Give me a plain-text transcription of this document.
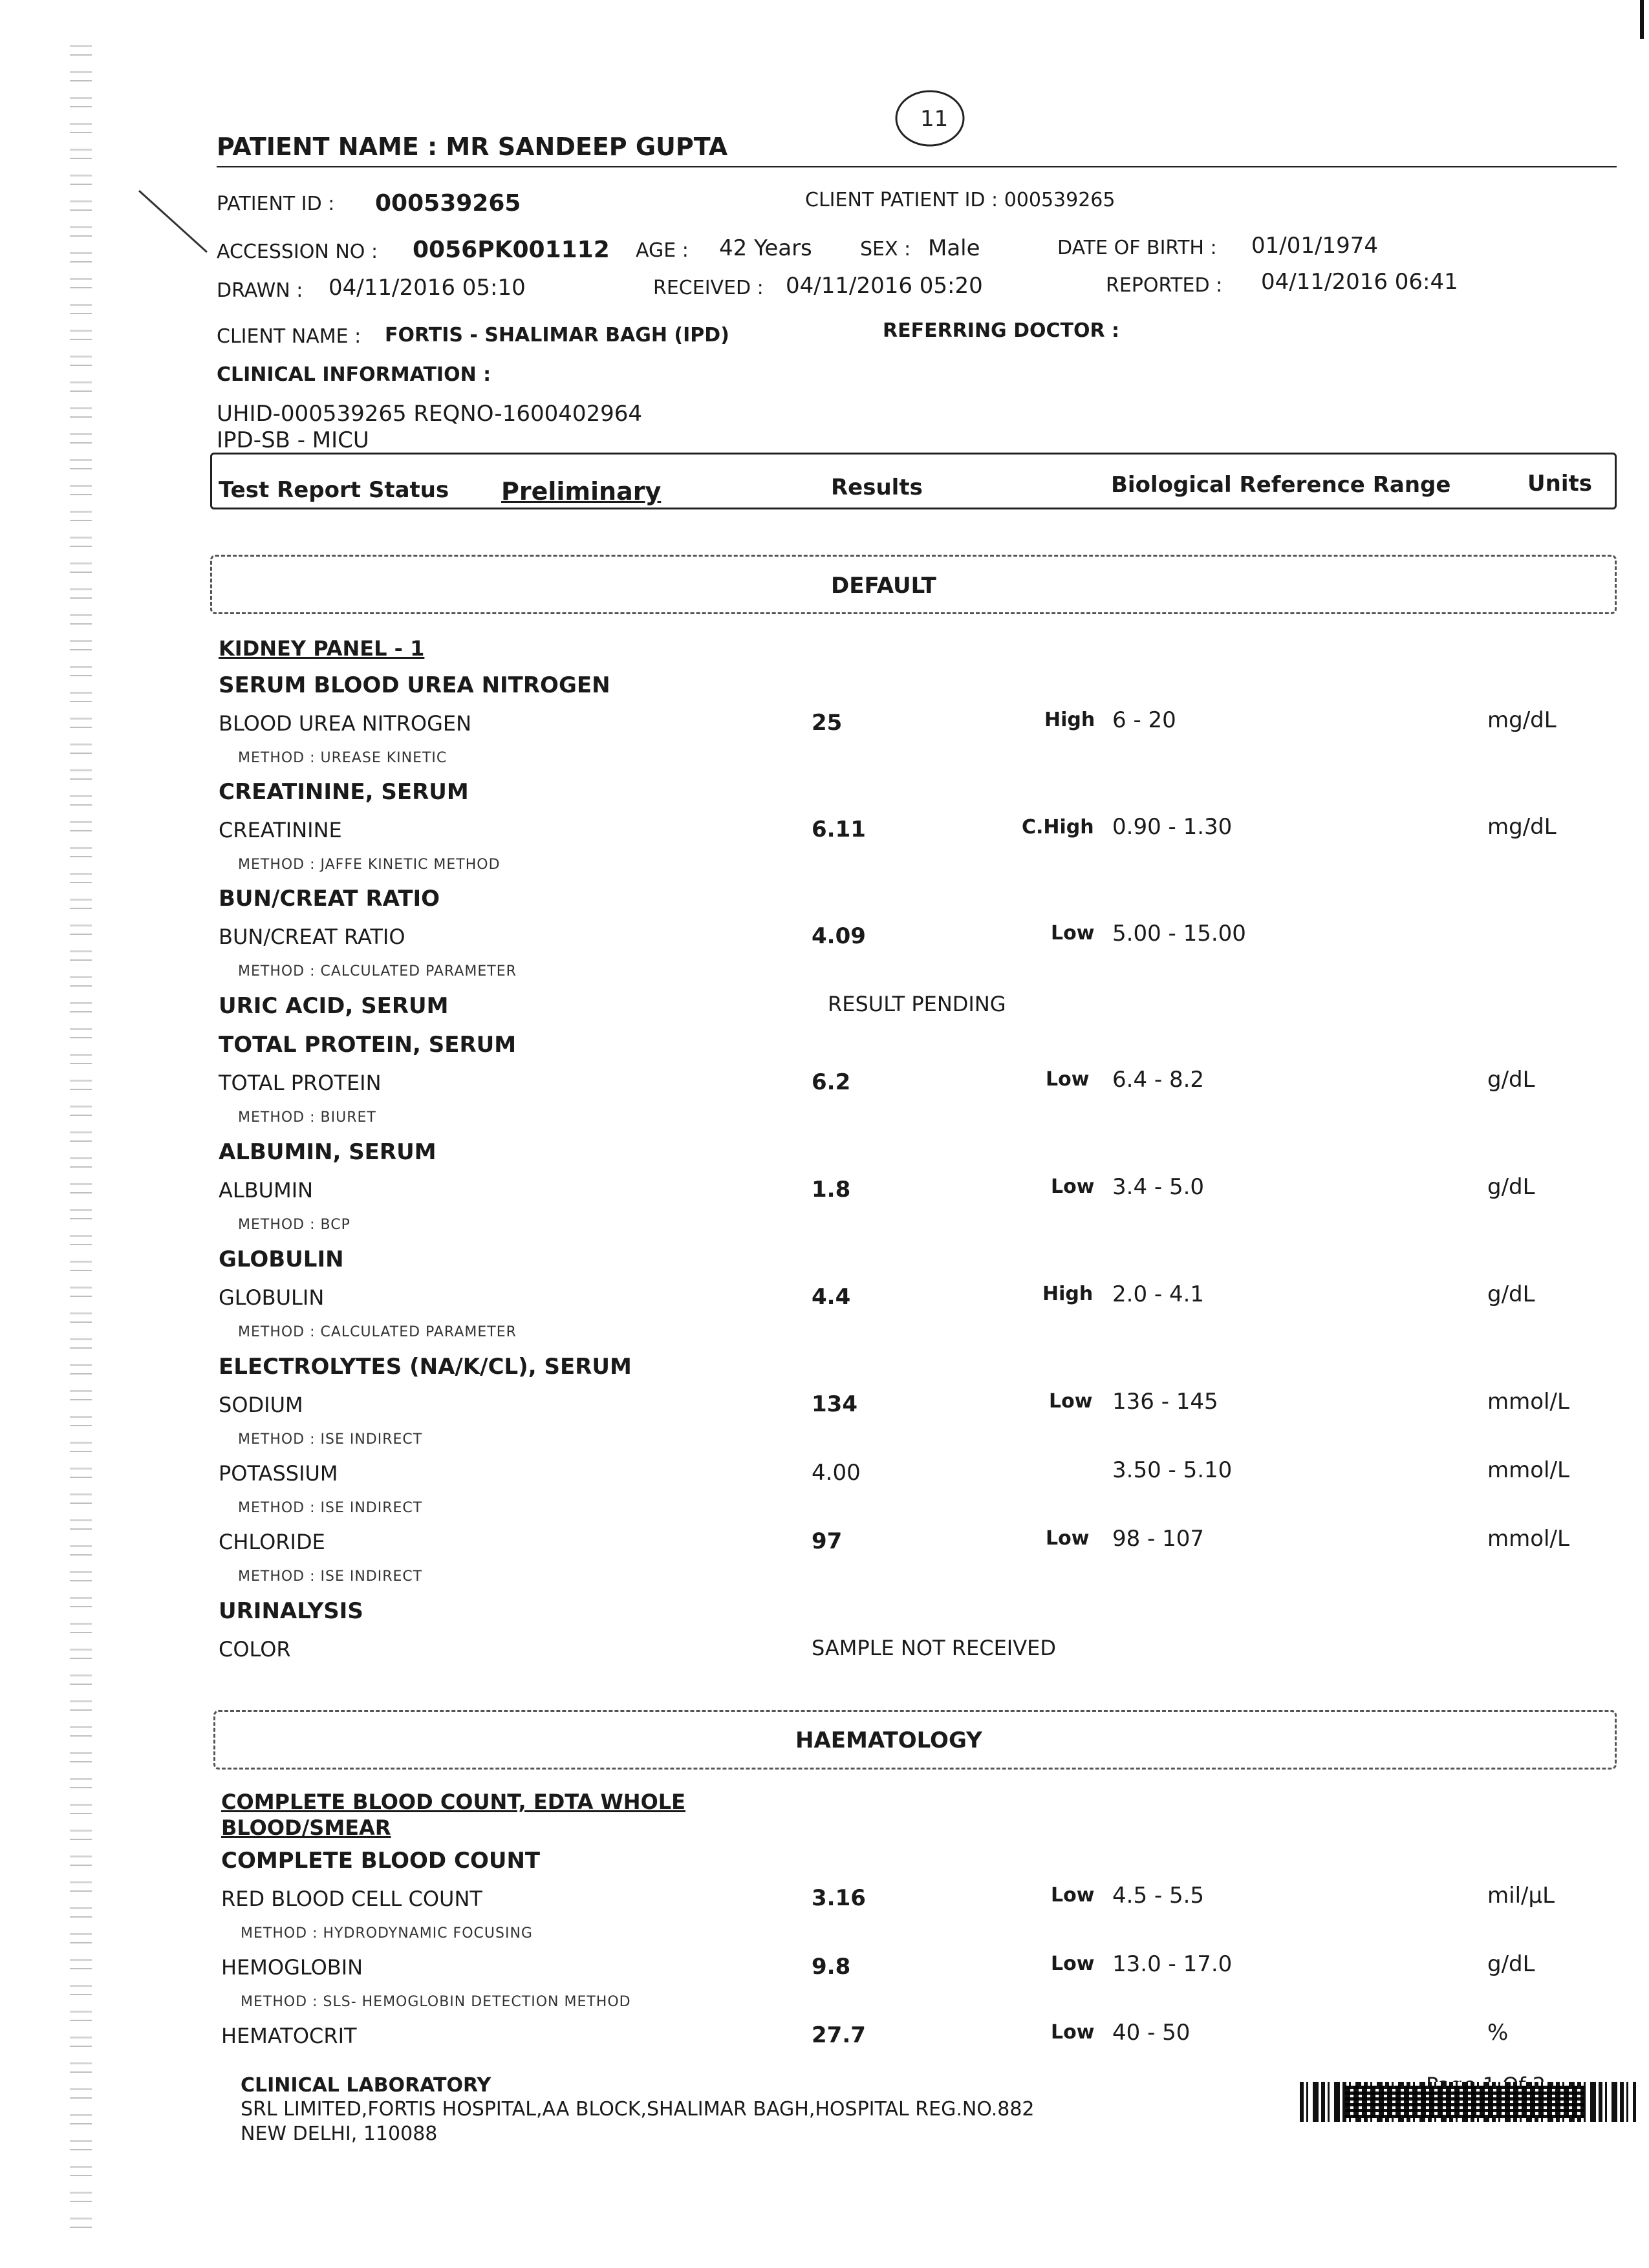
PATIENT NAME : MR SANDEEP GUPTA
11
PATIENT ID : 000539265	CLIENT PATIENT ID : 000539265
ACCESSION NO : 0056PK001112 AGE : 42 Years SEX : Male	DATE OF BIRTH : 01/01/1974
DRAWN : 04/11/2016 05:10	RECEIVED : 04/11/2016 05:20	REPORTED : 04/11/2016 06:41
CLIENT NAME : FORTIS - SHALIMAR BAGH (IPD)	REFERRING DOCTOR :
CLINICAL INFORMATION :
UHID-000539265 REQNO-1600402964
IPD-SB - MICU
Test Report Status Preliminary	Results	Biological Reference Range	Units
DEFAULT
KIDNEY PANEL - 1
SERUM BLOOD UREA NITROGEN
BLOOD UREA NITROGEN	25	High 6 - 20	mg/dL
METHOD : UREASE KINETIC
CREATININE, SERUM
CREATININE	6.11	C.High 0.90 - 1.30	mg/dL
METHOD : JAFFE KINETIC METHOD
BUN/CREAT RATIO
BUN/CREAT RATIO	4.09	Low 5.00 - 15.00
METHOD : CALCULATED PARAMETER
URIC ACID, SERUM	RESULT PENDING
TOTAL PROTEIN, SERUM
TOTAL PROTEIN	6.2	Low 6.4 - 8.2	g/dL
METHOD : BIURET
ALBUMIN, SERUM
ALBUMIN	1.8	Low 3.4 - 5.0	g/dL
METHOD : BCP
GLOBULIN
GLOBULIN	4.4	High 2.0 - 4.1	g/dL
METHOD : CALCULATED PARAMETER
ELECTROLYTES (NA/K/CL), SERUM
SODIUM	134	Low 136 - 145	mmol/L
METHOD : ISE INDIRECT
POTASSIUM	4.00	3.50 - 5.10	mmol/L
METHOD : ISE INDIRECT
CHLORIDE	97	Low 98 - 107	mmol/L
METHOD : ISE INDIRECT
URINALYSIS
COLOR	SAMPLE NOT RECEIVED
HAEMATOLOGY
COMPLETE BLOOD COUNT, EDTA WHOLE
BLOOD/SMEAR
COMPLETE BLOOD COUNT
RED BLOOD CELL COUNT	3.16	Low 4.5 - 5.5	mil/µL
METHOD : HYDRODYNAMIC FOCUSING
HEMOGLOBIN	9.8	Low 13.0 - 17.0	g/dL
METHOD : SLS- HEMOGLOBIN DETECTION METHOD
HEMATOCRIT	27.7	Low 40 - 50	%
CLINICAL LABORATORY
SRL LIMITED,FORTIS HOSPITAL,AA BLOCK,SHALIMAR BAGH,HOSPITAL REG.NO.882
NEW DELHI, 110088
